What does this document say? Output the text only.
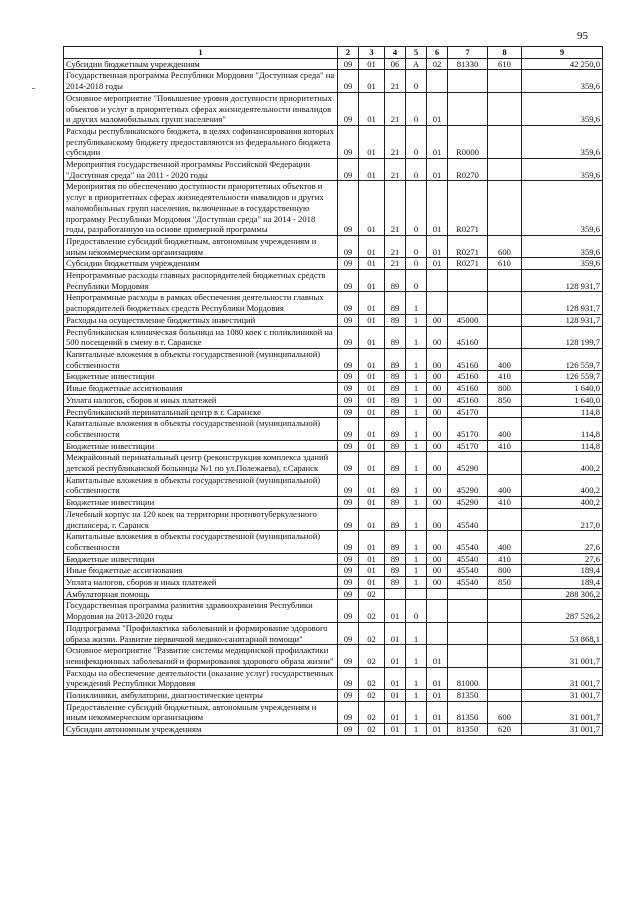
95
1	2	3	4	5	6	7	8	9
Субсидии бюджетным учреждениям	09	01	06	А	02	81330	610	42 250,0
Государственная программа Республики Мордовия "Доступная среда" на 2014-2018 годы	09	01	21	0				359,6
Основное мероприятие "Повышение уровня доступности приоритетных объектов и услуг в приоритетных сферах жизнедеятельности инвалидов и других маломобильных групп населения"	09	01	21	0	01			359,6
Расходы республиканского бюджета, в целях софинансирования которых республиканскому бюджету предоставляются из федерального бюджета субсидии	09	01	21	0	01	R0000		359,6
Мероприятия государственной программы Российской Федерации "Доступная среда" на 2011 - 2020 годы	09	01	21	0	01	R0270		359,6
Мероприятия по обеспечению доступности приоритетных объектов и услуг в приоритетных сферах жизнедеятельности инвалидов и других маломобильных групп населения, включенные в государственную программу Республики Мордовия "Доступная среда" на 2014 - 2018 годы, разработанную на основе примерной программы	09	01	21	0	01	R0271		359,6
Предоставление субсидий бюджетным, автономным учреждениям и иным некоммерческим организациям	09	01	21	0	01	R0271	600	359,6
Субсидии бюджетным учреждениям	09	01	21	0	01	R0271	610	359,6
Непрограммные расходы главных распорядителей бюджетных средств Республики Мордовия	09	01	89	0				128 931,7
Непрограммные расходы в рамках обеспечения деятельности главных распорядителей бюджетных средств Республики Мордовия	09	01	89	1				128 931,7
Расходы на осуществление бюджетных инвестиций	09	01	89	1	00	45000		128 931,7
Республиканская клиническая больница на 1080 коек с поликлиникой на 500 посещений в смену в г. Саранске	09	01	89	1	00	45160		128 199,7
Капитальные вложения в объекты государственной (муниципальной) собственности	09	01	89	1	00	45160	400	126 559,7
Бюджетные инвестиции	09	01	89	1	00	45160	410	126 559,7
Иные бюджетные ассигнования	09	01	89	1	00	45160	800	1 640,0
Уплата налогов, сборов и иных платежей	09	01	89	1	00	45160	850	1 640,0
Республиканский перинатальный центр в г. Саранске	09	01	89	1	00	45170		114,8
Капитальные вложения в объекты государственной (муниципальной) собственности	09	01	89	1	00	45170	400	114,8
Бюджетные инвестиции	09	01	89	1	00	45170	410	114,8
Межрайонный перинатальный центр (реконструкция комплекса зданий детской республиканской больницы №1 по ул.Полежаева), г.Саранск	09	01	89	1	00	45290		400,2
Капитальные вложения в объекты государственной (муниципальной) собственности	09	01	89	1	00	45290	400	400,2
Бюджетные инвестиции	09	01	89	1	00	45290	410	400,2
Лечебный корпус на 120 коек на территории противотуберкулезного диспансера, г. Саранск	09	01	89	1	00	45540		217,0
Капитальные вложения в объекты государственной (муниципальной) собственности	09	01	89	1	00	45540	400	27,6
Бюджетные инвестиции	09	01	89	1	00	45540	410	27,6
Иные бюджетные ассигнования	09	01	89	1	00	45540	800	189,4
Уплата налогов, сборов и иных платежей	09	01	89	1	00	45540	850	189,4
Амбулаторная помощь	09	02						288 306,2
Государственная программа развития здравоохранения Республики Мордовия на 2013-2020 годы	09	02	01	0				287 526,2
Подпрограмма "Профилактика заболеваний и формирование здорового образа жизни. Развитие первичной медико-санитарной помощи"	09	02	01	1				53 868,1
Основное мероприятие "Развитие системы медицинской профилактики неинфекционных заболеваний и формирования здорового образа жизни"	09	02	01	1	01			31 001,7
Расходы на обеспечение деятельности (оказание услуг) государственных учреждений Республики Мордовия	09	02	01	1	01	81000		31 001,7
Поликлиники, амбулатории, диагностические центры	09	02	01	1	01	81350		31 001,7
Предоставление субсидий бюджетным, автономным учреждениям и иным некоммерческим организациям	09	02	01	1	01	81350	600	31 001,7
Субсидии автономным учреждениям	09	02	01	1	01	81350	620	31 001,7
